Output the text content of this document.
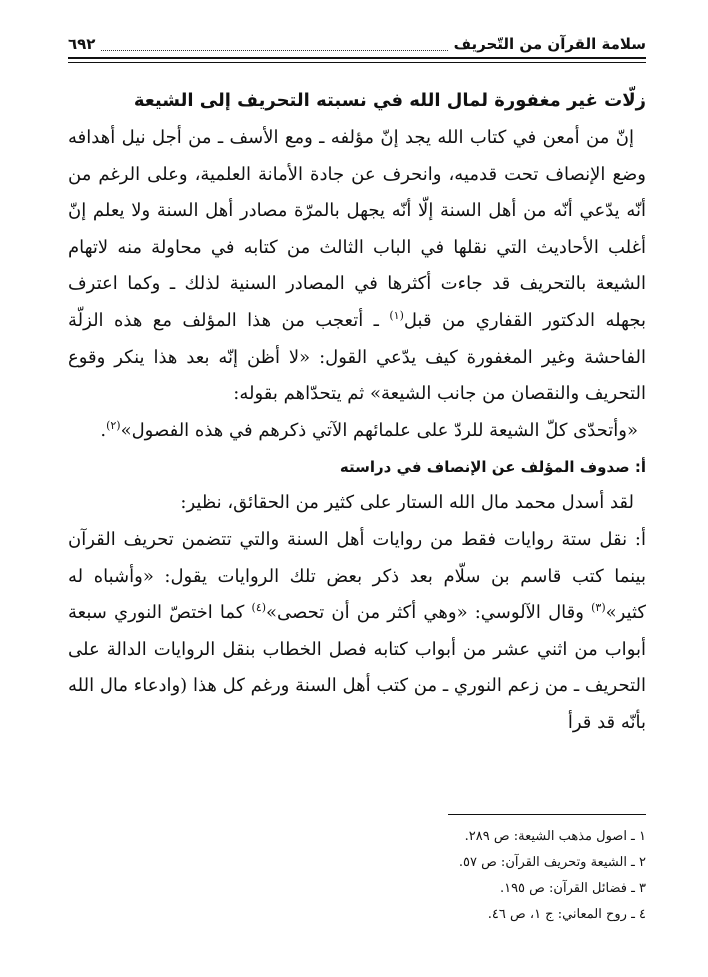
سلامة القرآن من التّحريف
٦٩٢
زلّات غير مغفورة لمال الله في نسبته التحريف إلى الشيعة

إنّ من أمعن في كتاب الله يجد إنّ مؤلفه ـ ومع الأسف ـ من أجل نيل أهدافه وضع الإنصاف تحت قدميه، وانحرف عن جادة الأمانة العلمية، وعلى الرغم من أنّه يدّعي أنّه من أهل السنة إلّا أنّه يجهل بالمرّة مصادر أهل السنة ولا يعلم إنّ أغلب الأحاديث التي نقلها في الباب الثالث من كتابه في محاولة منه لاتهام الشيعة بالتحريف قد جاءت أكثرها في المصادر السنية لذلك ـ وكما اعترف بجهله الدكتور القفاري من قبل$^{(١)}$ ـ أتعجب من هذا المؤلف مع هذه الزلّة الفاحشة وغير المغفورة كيف يدّعي القول: «لا أظن إنّه بعد هذا ينكر وقوع التحريف والنقصان من جانب الشيعة» ثم يتحدّاهم بقوله:

«وأتحدّى كلّ الشيعة للردّ على علمائهم الآتي ذكرهم في هذه الفصول»$^{(٢)}$.

أ: صدوف المؤلف عن الإنصاف في دراسته

لقد أسدل محمد مال الله الستار على كثير من الحقائق، نظير:

أ: نقل ستة روايات فقط من روايات أهل السنة والتي تتضمن تحريف القرآن بينما كتب قاسم بن سلّام بعد ذكر بعض تلك الروايات يقول: «وأشباه له كثير»$^{(٣)}$ وقال الآلوسي: «وهي أكثر من أن تحصى»$^{(٤)}$ كما اختصّ النوري سبعة أبواب من اثني عشر من أبواب كتابه فصل الخطاب بنقل الروايات الدالة على التحريف ـ من زعم النوري ـ من كتب أهل السنة ورغم كل هذا (وادعاء مال الله بأنّه قد قرأ

١ ـ اصول مذهب الشيعة: ص ٢٨٩.
٢ ـ الشيعة وتحريف القرآن: ص ٥٧.
٣ ـ فضائل القرآن: ص ١٩٥.
٤ ـ روح المعاني: ج ١، ص ٤٦.
